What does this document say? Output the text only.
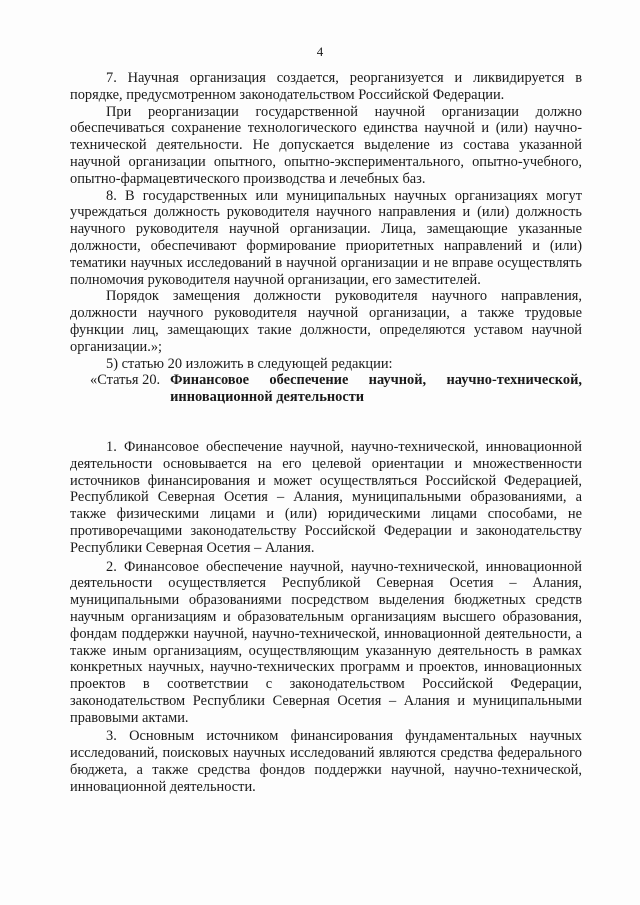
4

7. Научная организация создается, реорганизуется и ликвидируется в порядке, предусмотренном законодательством Российской Федерации.

При реорганизации государственной научной организации должно обеспечиваться сохранение технологического единства научной и (или) научно-технической деятельности. Не допускается выделение из состава указанной научной организации опытного, опытно-экспериментального, опытно-учебного, опытно-фармацевтического производства и лечебных баз.

8. В государственных или муниципальных научных организациях могут учреждаться должность руководителя научного направления и (или) должность научного руководителя научной организации. Лица, замещающие указанные должности, обеспечивают формирование приоритетных направлений и (или) тематики научных исследований в научной организации и не вправе осуществлять полномочия руководителя научной организации, его заместителей.

Порядок замещения должности руководителя научного направления, должности научного руководителя научной организации, а также трудовые функции лиц, замещающих такие должности, определяются уставом научной организации.»;

5) статью 20 изложить в следующей редакции:

«Статья 20. Финансовое обеспечение научной, научно-технической, инновационной деятельности

1. Финансовое обеспечение научной, научно-технической, инновационной деятельности основывается на его целевой ориентации и множественности источников финансирования и может осуществляться Российской Федерацией, Республикой Северная Осетия – Алания, муниципальными образованиями, а также физическими лицами и (или) юридическими лицами способами, не противоречащими законодательству Российской Федерации и законодательству Республики Северная Осетия – Алания.

2. Финансовое обеспечение научной, научно-технической, инновационной деятельности осуществляется Республикой Северная Осетия – Алания, муниципальными образованиями посредством выделения бюджетных средств научным организациям и образовательным организациям высшего образования, фондам поддержки научной, научно-технической, инновационной деятельности, а также иным организациям, осуществляющим указанную деятельность в рамках конкретных научных, научно-технических программ и проектов, инновационных проектов в соответствии с законодательством Российской Федерации, законодательством Республики Северная Осетия – Алания и муниципальными правовыми актами.

3. Основным источником финансирования фундаментальных научных исследований, поисковых научных исследований являются средства федерального бюджета, а также средства фондов поддержки научной, научно-технической, инновационной деятельности.
